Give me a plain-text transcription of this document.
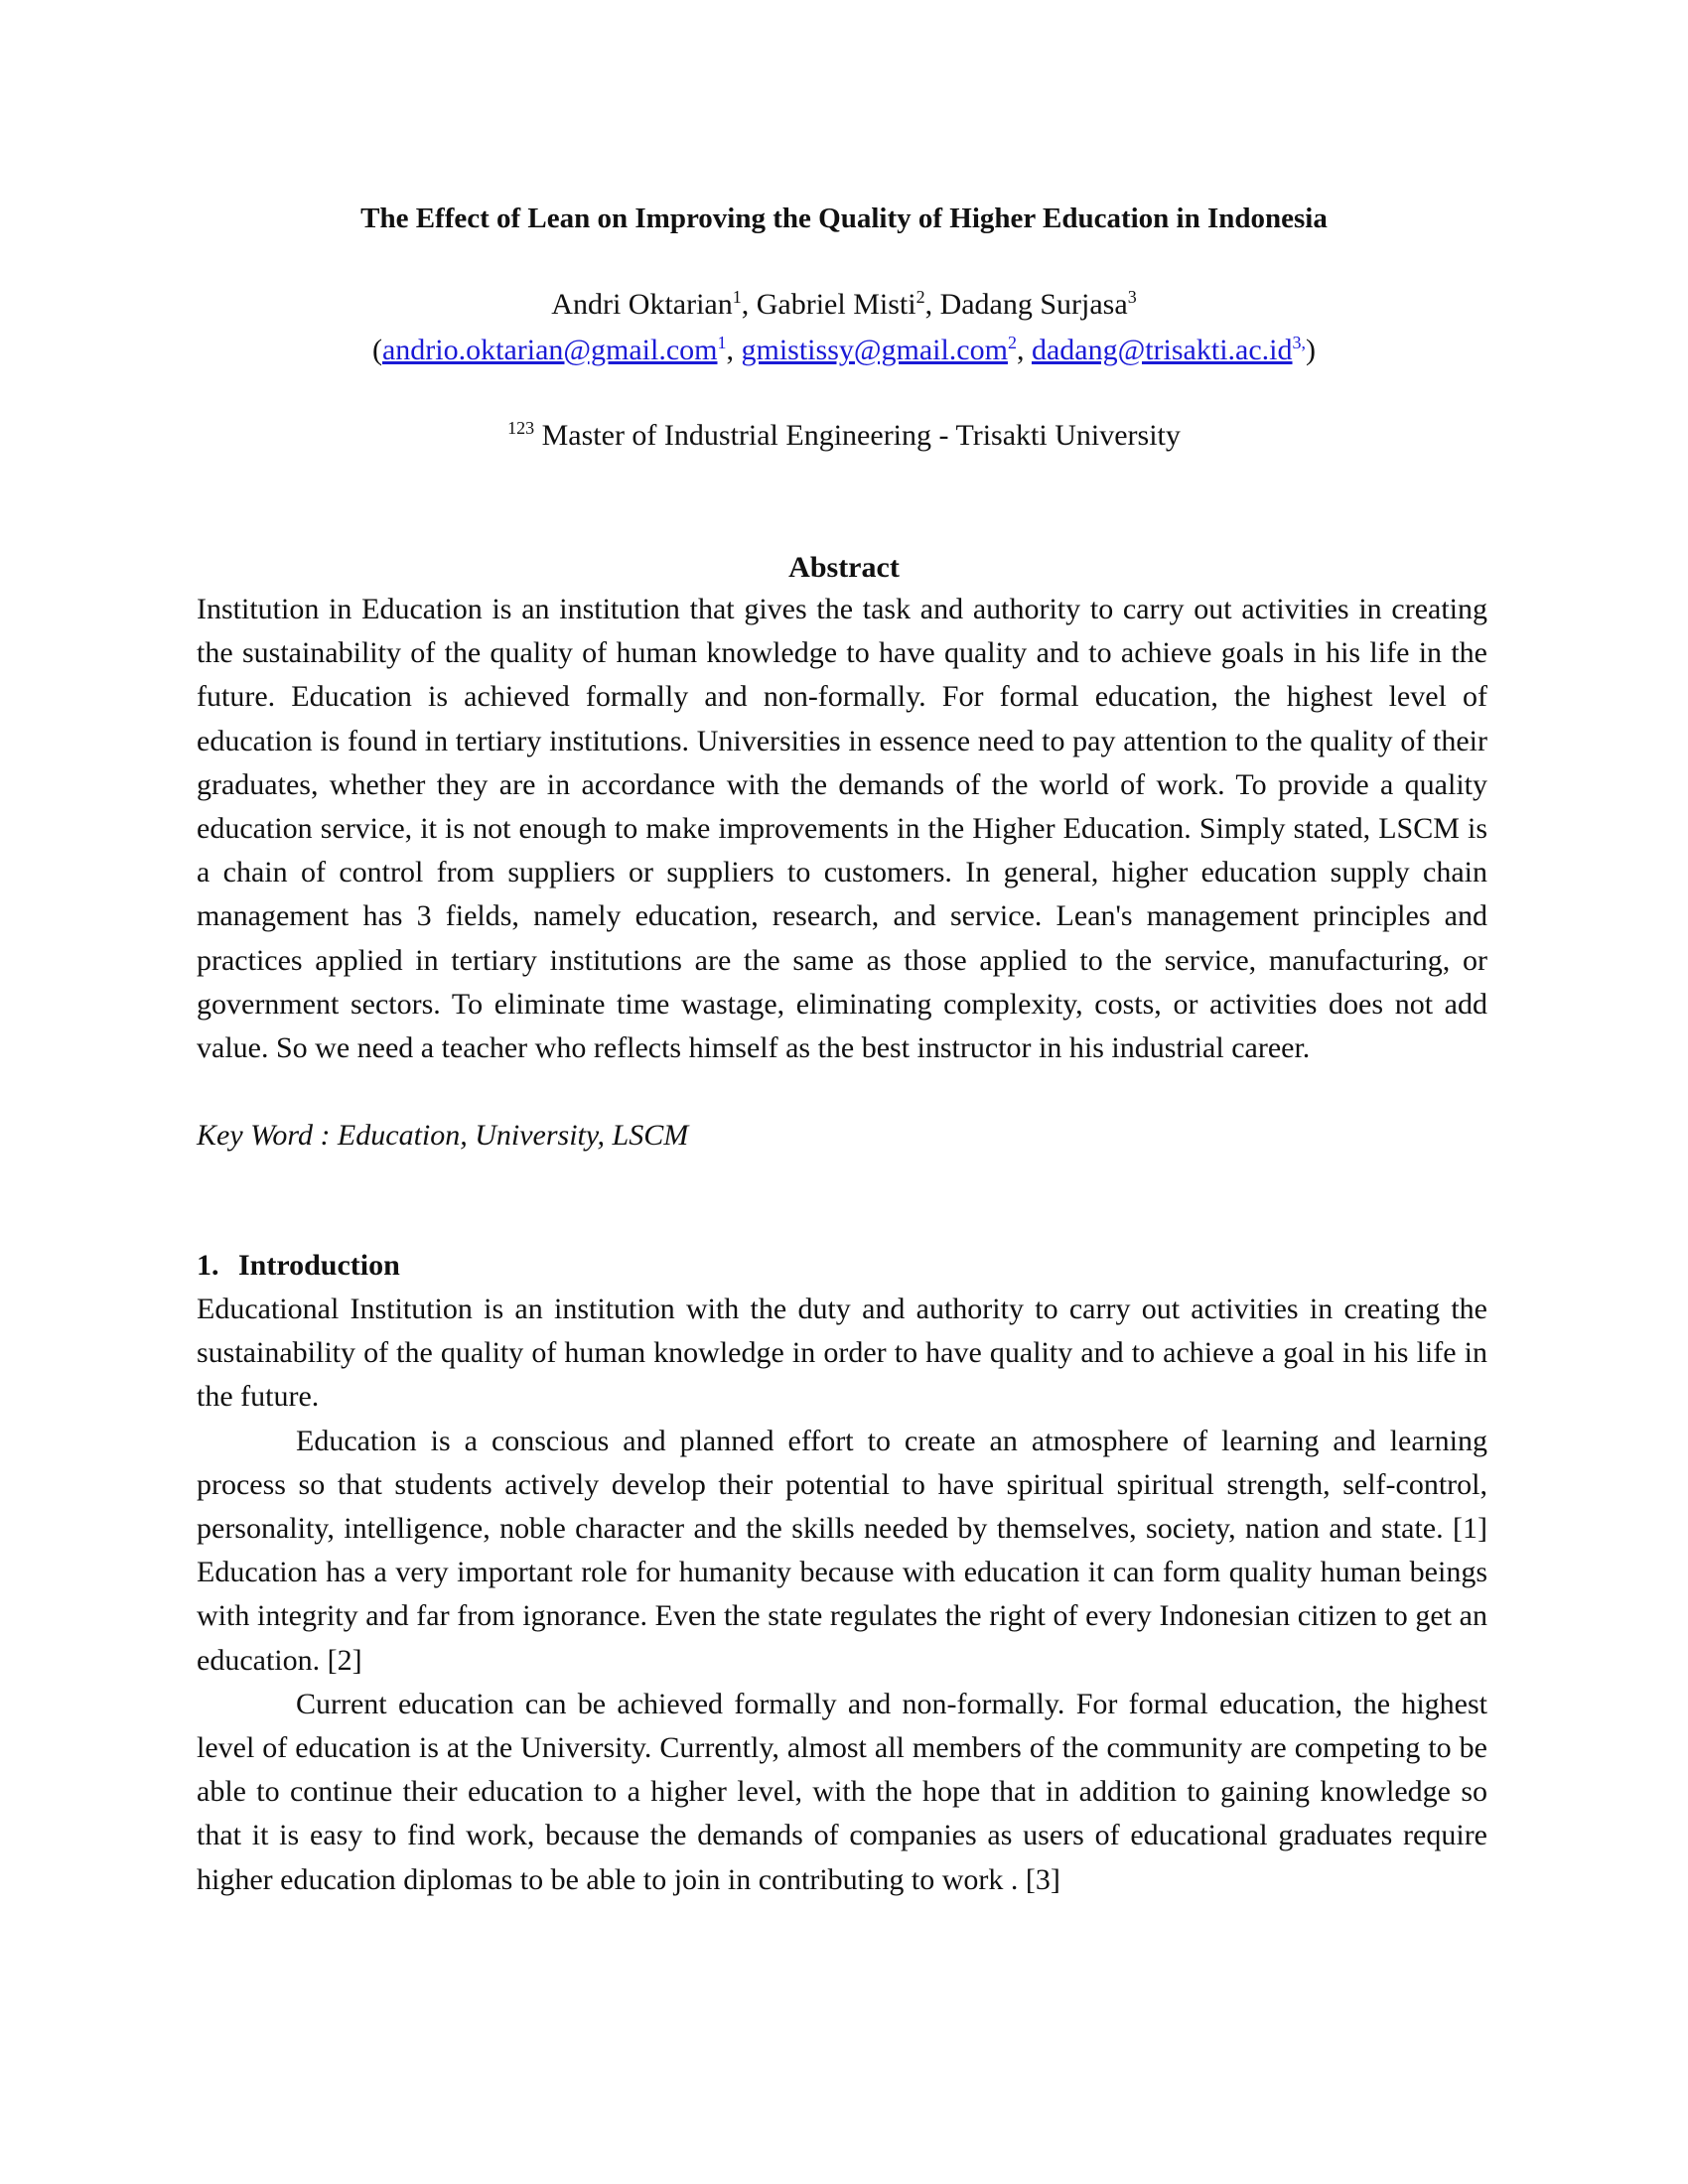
The Effect of Lean on Improving the Quality of Higher Education in Indonesia
Andri Oktarian$^1$, Gabriel Misti$^2$, Dadang Surjasa$^3$
(andrio.oktarian@gmail.com$^1$, gmistissy@gmail.com$^2$, $dadang@trisakti.ac.id^{3,}$)
$^{123}$ Master of Industrial Engineering - Trisakti University
Abstract

Institution in Education is an institution that gives the task and authority to carry out activities in creating the sustainability of the quality of human knowledge to have quality and to achieve goals in his life in the future. Education is achieved formally and non-formally. For formal education, the highest level of education is found in tertiary institutions. Universities in essence need to pay attention to the quality of their graduates, whether they are in accordance with the demands of the world of work. To provide a quality education service, it is not enough to make improvements in the Higher Education. Simply stated, LSCM is a chain of control from suppliers or suppliers to customers. In general, higher education supply chain management has 3 fields, namely education, research, and service. Lean's management principles and practices applied in tertiary institutions are the same as those applied to the service, manufacturing, or government sectors. To eliminate time wastage, eliminating complexity, costs, or activities does not add value. So we need a teacher who reflects himself as the best instructor in his industrial career.

Key Word : Education, University, LSCM
1. Introduction

Educational Institution is an institution with the duty and authority to carry out activities in creating the sustainability of the quality of human knowledge in order to have quality and to achieve a goal in his life in the future.

Education is a conscious and planned effort to create an atmosphere of learning and learning process so that students actively develop their potential to have spiritual spiritual strength, self-control, personality, intelligence, noble character and the skills needed by themselves, society, nation and state. [1] Education has a very important role for humanity because with education it can form quality human beings with integrity and far from ignorance. Even the state regulates the right of every Indonesian citizen to get an education. [2]

Current education can be achieved formally and non-formally. For formal education, the highest level of education is at the University. Currently, almost all members of the community are competing to be able to continue their education to a higher level, with the hope that in addition to gaining knowledge so that it is easy to find work, because the demands of companies as users of educational graduates require higher education diplomas to be able to join in contributing to work . [3]
